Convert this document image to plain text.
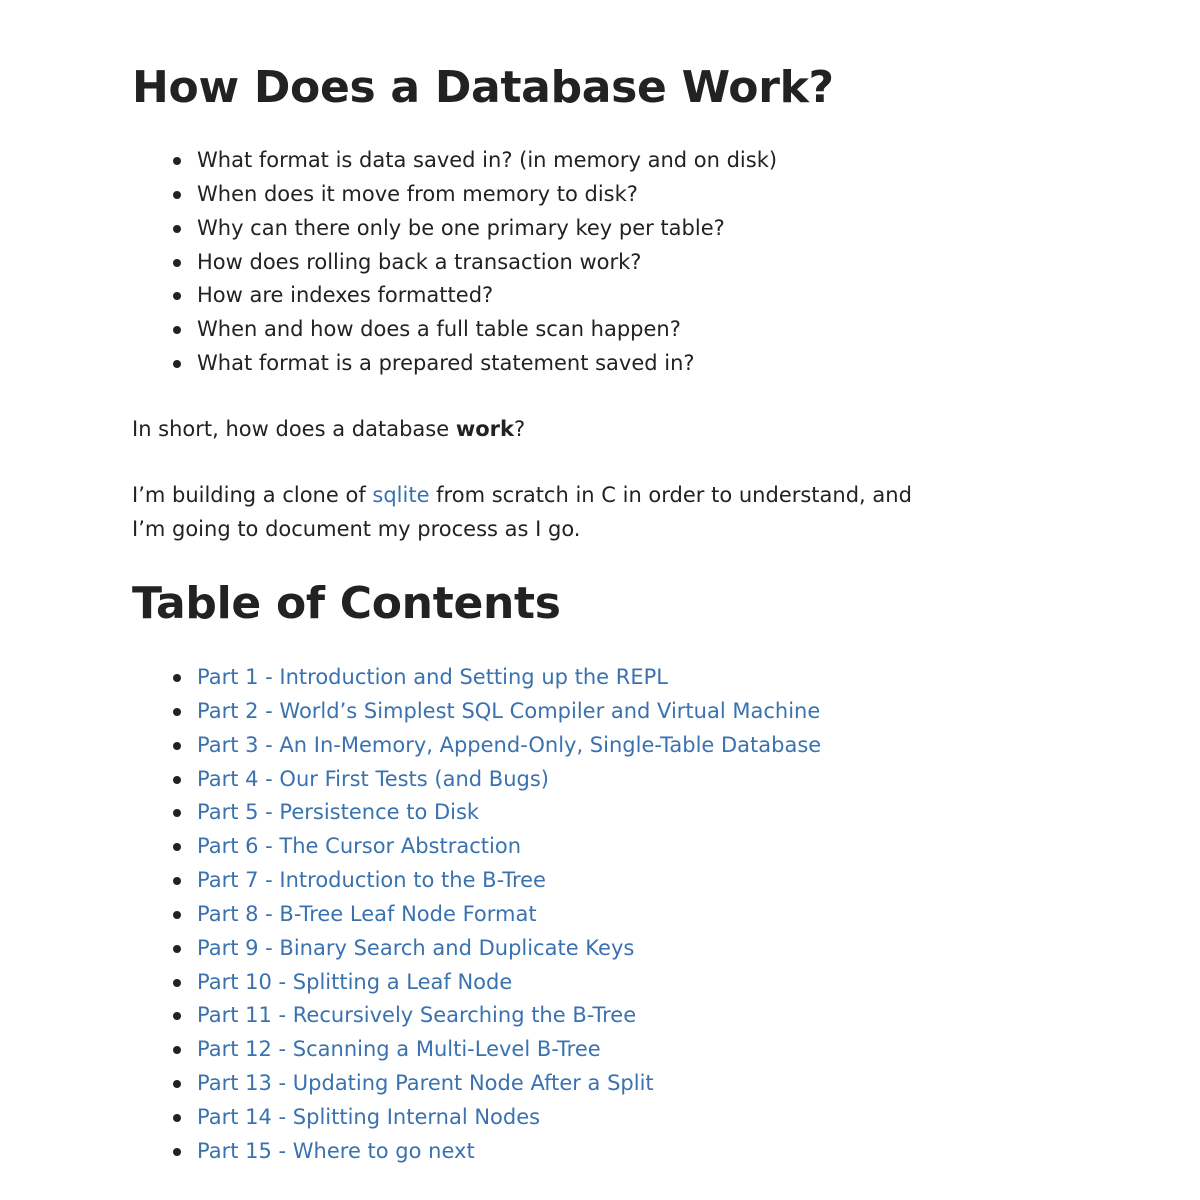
How Does a Database Work?
What format is data saved in? (in memory and on disk)
When does it move from memory to disk?
Why can there only be one primary key per table?
How does rolling back a transaction work?
How are indexes formatted?
When and how does a full table scan happen?
What format is a prepared statement saved in?

In short, how does a database work?

I’m building a clone of sqlite from scratch in C in order to understand, and
I’m going to document my process as I go.

Table of Contents
Part 1 - Introduction and Setting up the REPL
Part 2 - World’s Simplest SQL Compiler and Virtual Machine
Part 3 - An In-Memory, Append-Only, Single-Table Database
Part 4 - Our First Tests (and Bugs)
Part 5 - Persistence to Disk
Part 6 - The Cursor Abstraction
Part 7 - Introduction to the B-Tree
Part 8 - B-Tree Leaf Node Format
Part 9 - Binary Search and Duplicate Keys
Part 10 - Splitting a Leaf Node
Part 11 - Recursively Searching the B-Tree
Part 12 - Scanning a Multi-Level B-Tree
Part 13 - Updating Parent Node After a Split
Part 14 - Splitting Internal Nodes
Part 15 - Where to go next
